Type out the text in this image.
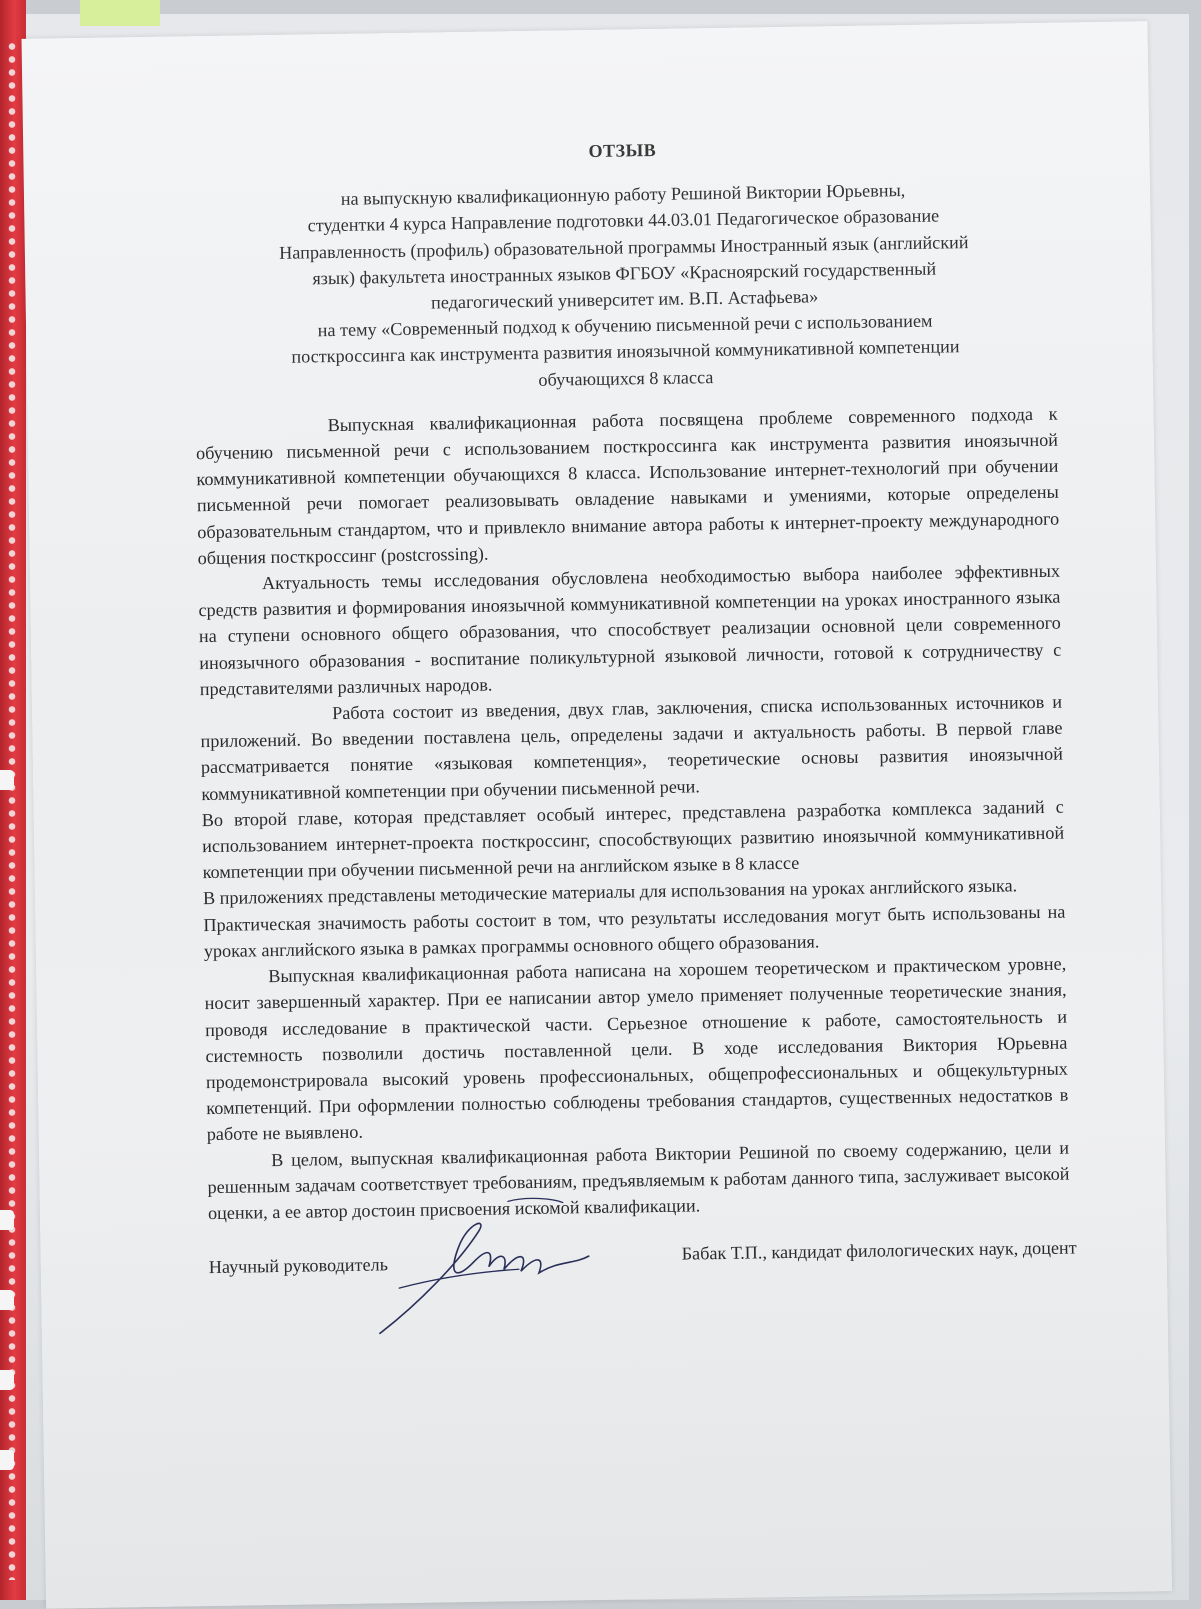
ОТЗЫВ
на выпускную квалификационную работу Решиной Виктории Юрьевны,
студентки 4 курса Направление подготовки 44.03.01 Педагогическое образование
Направленность (профиль) образовательной программы Иностранный язык (английский
язык) факультета иностранных языков ФГБОУ «Красноярский государственный
педагогический университет им. В.П. Астафьева»
на тему «Современный подход к обучению письменной речи с использованием
посткроссинга как инструмента развития иноязычной коммуникативной компетенции
обучающихся 8 класса

Выпускная квалификационная работа посвящена проблеме современного подхода к обучению письменной речи с использованием посткроссинга как инструмента развития иноязычной коммуникативной компетенции обучающихся 8 класса. Использование интернет-технологий при обучении письменной речи помогает реализовывать овладение навыками и умениями, которые определены образовательным стандартом, что и привлекло внимание автора работы к интернет-проекту международного общения посткроссинг (postcrossing).

Актуальность темы исследования обусловлена необходимостью выбора наиболее эффективных средств развития и формирования иноязычной коммуникативной компетенции на уроках иностранного языка на ступени основного общего образования, что способствует реализации основной цели современного иноязычного образования - воспитание поликультурной языковой личности, готовой к сотрудничеству с представителями различных народов.

Работа состоит из введения, двух глав, заключения, списка использованных источников и приложений. Во введении поставлена цель, определены задачи и актуальность работы. В первой главе рассматривается понятие «языковая компетенция», теоретические основы развития иноязычной коммуникативной компетенции при обучении письменной речи.

Во второй главе, которая представляет особый интерес, представлена разработка комплекса заданий с использованием интернет-проекта посткроссинг, способствующих развитию иноязычной коммуникативной компетенции при обучении письменной речи на английском языке в 8 классе

В приложениях представлены методические материалы для использования на уроках английского языка.

Практическая значимость работы состоит в том, что результаты исследования могут быть использованы на уроках английского языка в рамках программы основного общего образования.

Выпускная квалификационная работа написана на хорошем теоретическом и практическом уровне, носит завершенный характер. При ее написании автор умело применяет полученные теоретические знания, проводя исследование в практической части. Серьезное отношение к работе, самостоятельность и системность позволили достичь поставленной цели. В ходе исследования Виктория Юрьевна продемонстрировала высокий уровень профессиональных, общепрофессиональных и общекультурных компетенций. При оформлении полностью соблюдены требования стандартов, существенных недостатков в работе не выявлено.

В целом, выпускная квалификационная работа Виктории Решиной по своему содержанию, цели и решенным задачам соответствует требованиям, предъявляемым к работам данного типа, заслуживает высокой оценки, а ее автор достоин присвоения искомой квалификации.

Научный руководитель
Бабак Т.П., кандидат филологических наук, доцент
